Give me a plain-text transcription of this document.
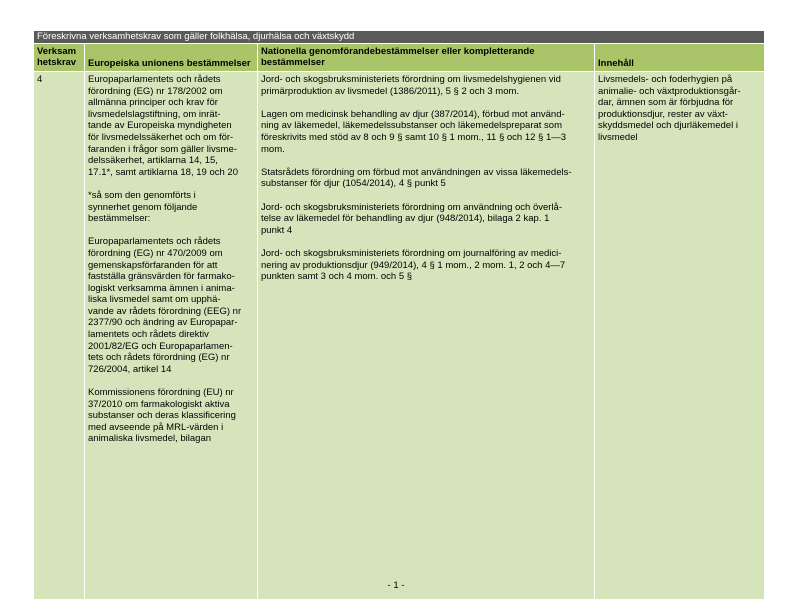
Föreskrivna verksamhetskrav som gäller folkhälsa, djurhälsa och växtskydd
Verksam
hetskrav Europeiska unionens bestämmelser
Nationella genomförandebestämmelser eller kompletterande
bestämmelser	Innehåll
4	Europaparlamentets och rådets
förordning (EG) nr 178/2002 om
allmänna principer och krav för
livsmedelslagstiftning, om inrät-
tande av Europeiska myndigheten
för livsmedelssäkerhet och om för-
faranden i frågor som gäller livsme-
delssäkerhet, artiklarna 14, 15,
17.1*, samt artiklarna 18, 19 och 20

*så som den genomförts i
synnerhet genom följande
bestämmelser:

Europaparlamentets och rådets
förordning (EG) nr 470/2009 om
gemenskapsförfaranden för att
fastställa gränsvärden för farmako-
logiskt verksamma ämnen i anima-
liska livsmedel samt om upphä-
vande av rådets förordning (EEG) nr
2377/90 och ändring av Europapar-
lamentets och rådets direktiv
2001/82/EG och Europaparlamen-
tets och rådets förordning (EG) nr
726/2004, artikel 14

Kommissionens förordning (EU) nr
37/2010 om farmakologiskt aktiva
substanser och deras klassificering
med avseende på MRL-värden i
animaliska livsmedel, bilagan

Jord- och skogsbruksministeriets förordning om livsmedelshygienen vid
primärproduktion av livsmedel (1386/2011), 5 § 2 och 3 mom.

Lagen om medicinsk behandling av djur (387/2014), förbud mot använd-
ning av läkemedel, läkemedelssubstanser och läkemedelspreparat som
föreskrivits med stöd av 8 och 9 § samt 10 § 1 mom., 11 § och 12 § 1—3
mom.

Statsrådets förordning om förbud mot användningen av vissa läkemedels-
substanser för djur (1054/2014), 4 § punkt 5

Jord- och skogsbruksministeriets förordning om användning och överlå-
telse av läkemedel för behandling av djur (948/2014), bilaga 2 kap. 1
punkt 4

Jord- och skogsbruksministeriets förordning om journalföring av medici-
nering av produktionsdjur (949/2014), 4 § 1 mom., 2 mom. 1, 2 och 4—7
punkten samt 3 och 4 mom. och 5 §

Livsmedels- och foderhygien på
animalie- och växtproduktionsgår-
dar, ämnen som är förbjudna för
produktionsdjur, rester av växt-
skyddsmedel och djurläkemedel i
livsmedel

- 1 -
